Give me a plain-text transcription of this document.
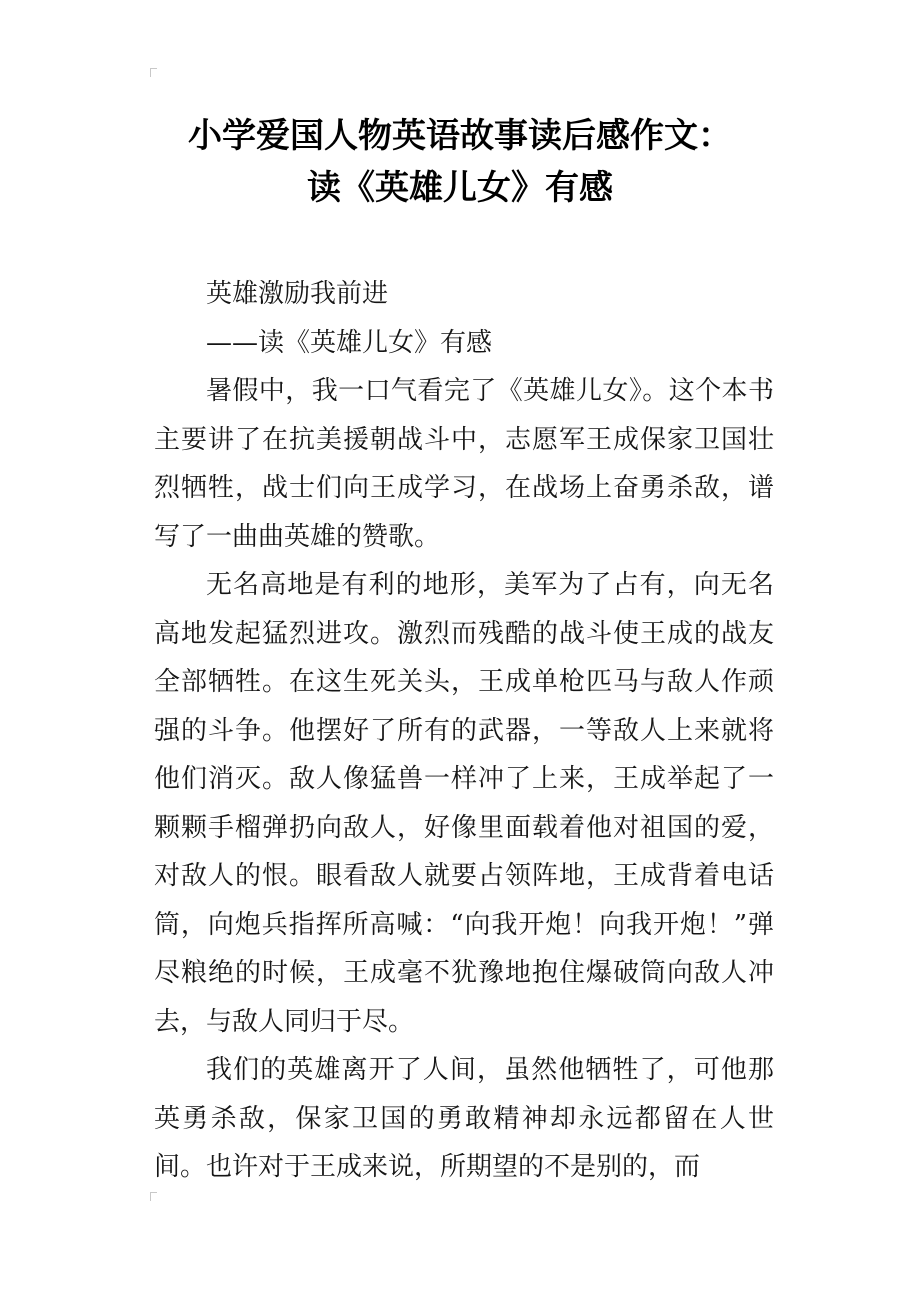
小学爱国人物英语故事读后感作文：
读《英雄儿女》有感

英雄激励我前进

——读《英雄儿女》有感

暑假中，我一口气看完了《英雄儿女》。这个本书主要讲了在抗美援朝战斗中，志愿军王成保家卫国壮烈牺牲，战士们向王成学习，在战场上奋勇杀敌，谱写了一曲曲英雄的赞歌。

无名高地是有利的地形，美军为了占有，向无名高地发起猛烈进攻。激烈而残酷的战斗使王成的战友全部牺牲。在这生死关头，王成单枪匹马与敌人作顽强的斗争。他摆好了所有的武器，一等敌人上来就将他们消灭。敌人像猛兽一样冲了上来，王成举起了一颗颗手榴弹扔向敌人，好像里面载着他对祖国的爱，对敌人的恨。眼看敌人就要占领阵地，王成背着电话筒，向炮兵指挥所高喊：“向我开炮！向我开炮！”弹尽粮绝的时候，王成毫不犹豫地抱住爆破筒向敌人冲去，与敌人同归于尽。

我们的英雄离开了人间，虽然他牺牲了，可他那英勇杀敌，保家卫国的勇敢精神却永远都留在人世间。也许对于王成来说，所期望的不是别的，而
